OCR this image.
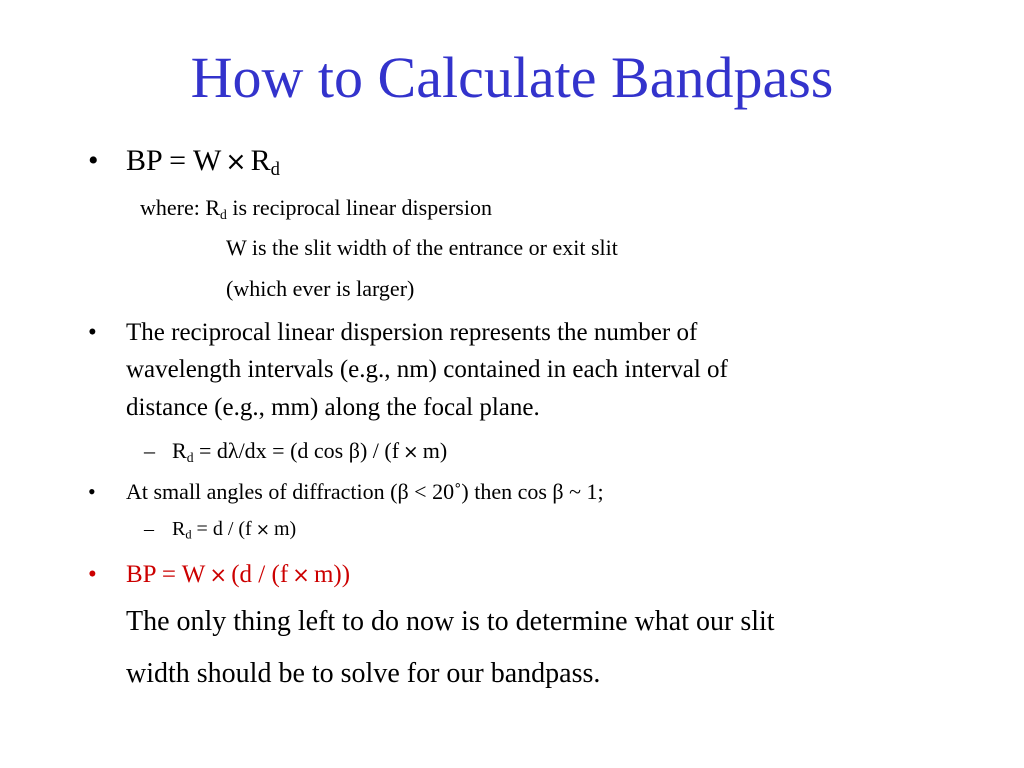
How to Calculate Bandpass
• BP = $W \times R_d$
where: $R_d$ is reciprocal linear dispersion
W is the slit width of the entrance or exit slit
(which ever is larger)
• The reciprocal linear dispersion represents the number of
wavelength intervals (e.g., nm) contained in each interval of
distance (e.g., mm) along the focal plane.
– $R_d = d\lambda/dx = (d$ cos β) / (f × m)
• At small angles of diffraction (β < 20˚) then cos β ~ 1;
– $R_d = d / (f \times m)$
• BP = W × (d / (f × m))
The only thing left to do now is to determine what our slit
width should be to solve for our bandpass.
